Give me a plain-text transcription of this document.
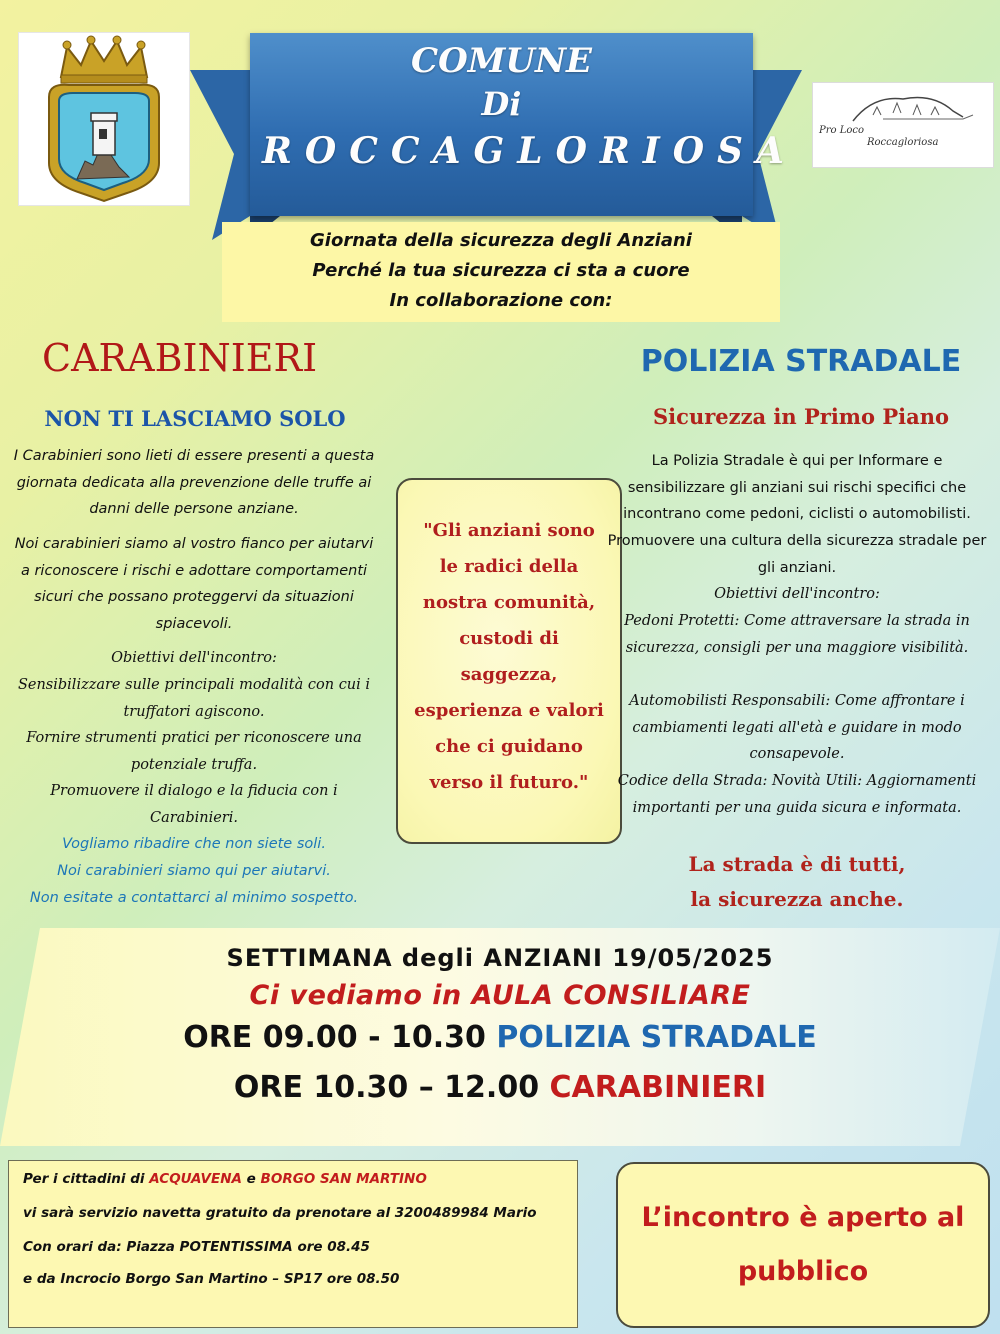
Pro Loco
Roccagloriosa
COMUNE
Di
ROCCAGLORIOSA
Giornata della sicurezza degli Anziani
Perché la tua sicurezza ci sta a cuore
In collaborazione con:
CARABINIERI
NON TI LASCIAMO SOLO
I Carabinieri sono lieti di essere presenti a questa giornata dedicata alla prevenzione delle truffe ai danni delle persone anziane.
Noi carabinieri siamo al vostro fianco per aiutarvi a riconoscere i rischi e adottare comportamenti sicuri che possano proteggervi da situazioni spiacevoli.
Obiettivi dell'incontro:
Sensibilizzare sulle principali modalità con cui i truffatori agiscono.
Fornire strumenti pratici per riconoscere una potenziale truffa.
Promuovere il dialogo e la fiducia con i Carabinieri.
Vogliamo ribadire che non siete soli.
Noi carabinieri siamo qui per aiutarvi.
Non esitate a contattarci al minimo sospetto.
"Gli anziani sono
le radici della
nostra comunità,
custodi di
saggezza,
esperienza e valori
che ci guidano
verso il futuro."
POLIZIA STRADALE
Sicurezza in Primo Piano
La Polizia Stradale è qui per Informare e sensibilizzare gli anziani sui rischi specifici che incontrano come pedoni, ciclisti o automobilisti. Promuovere una cultura della sicurezza stradale per gli anziani.
Obiettivi dell'incontro:
Pedoni Protetti: Come attraversare la strada in sicurezza, consigli per una maggiore visibilità.
Automobilisti Responsabili: Come affrontare i cambiamenti legati all'età e guidare in modo consapevole.
Codice della Strada: Novità Utili: Aggiornamenti importanti per una guida sicura e informata.
La strada è di tutti,
la sicurezza anche.
SETTIMANA degli ANZIANI 19/05/2025
Ci vediamo in AULA CONSILIARE
ORE 09.00 - 10.30 POLIZIA STRADALE
ORE 10.30 – 12.00 CARABINIERI
Per i cittadini di ACQUAVENA e BORGO SAN MARTINO
vi sarà servizio navetta gratuito da prenotare al 3200489984 Mario
Con orari da: Piazza POTENTISSIMA ore 08.45
e da Incrocio Borgo San Martino – SP17 ore 08.50
L’incontro è aperto al
pubblico
